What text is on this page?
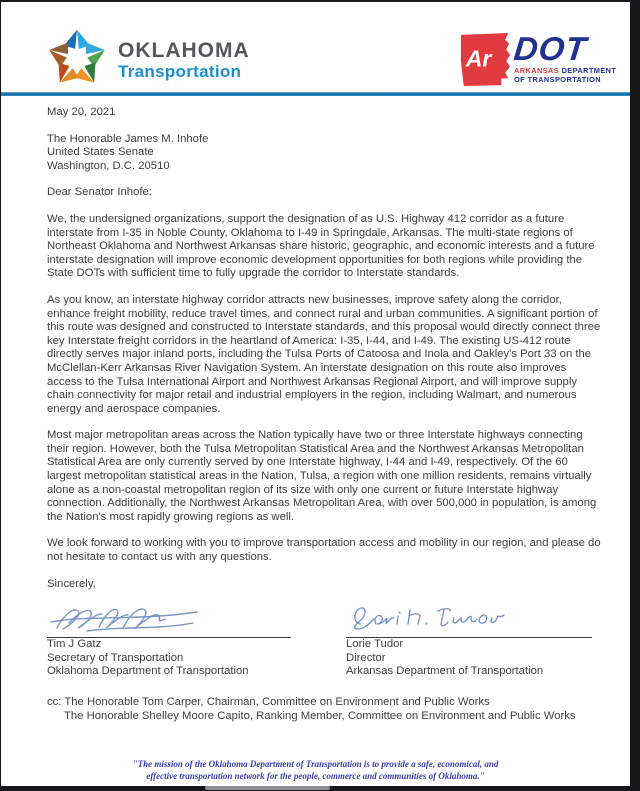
OKLAHOMA
Transportation	Ar DOT
ARKANSAS DEPARTMENT
OF TRANSPORTATION
May 20, 2021
The Honorable James M. Inhofe
United States Senate
Washington, D.C. 20510
Dear Senator Inhofe:

We, the undersigned organizations, support the designation of as U.S. Highway 412 corridor as a future interstate from I-35 in Noble County, Oklahoma to I-49 in Springdale, Arkansas. The multi-state regions of Northeast Oklahoma and Northwest Arkansas share historic, geographic, and economic interests and a future interstate designation will improve economic development opportunities for both regions while providing the State DOTs with sufficient time to fully upgrade the corridor to Interstate standards.

As you know, an interstate highway corridor attracts new businesses, improve safety along the corridor, enhance freight mobility, reduce travel times, and connect rural and urban communities. A significant portion of this route was designed and constructed to Interstate standards, and this proposal would directly connect three key Interstate freight corridors in the heartland of America: I-35, I-44, and I-49. The existing US-412 route directly serves major inland ports, including the Tulsa Ports of Catoosa and Inola and Oakley's Port 33 on the McClellan-Kerr Arkansas River Navigation System. An interstate designation on this route also improves access to the Tulsa International Airport and Northwest Arkansas Regional Airport, and will improve supply chain connectivity for major retail and industrial employers in the region, including Walmart, and numerous energy and aerospace companies.

Most major metropolitan areas across the Nation typically have two or three Interstate highways connecting their region. However, both the Tulsa Metropolitan Statistical Area and the Northwest Arkansas Metropolitan Statistical Area are only currently served by one Interstate highway, I-44 and I-49, respectively. Of the 60 largest metropolitan statistical areas in the Nation, Tulsa, a region with one million residents, remains virtually alone as a non-coastal metropolitan region of its size with only one current or future Interstate highway connection. Additionally, the Northwest Arkansas Metropolitan Area, with over 500,000 in population, is among the Nation's most rapidly growing regions as well.

We look forward to working with you to improve transportation access and mobility in our region, and please do not hesitate to contact us with any questions.

Sincerely,
Tim J Gatz
Secretary of Transportation
Oklahoma Department of Transportation
Lorie Tudor
Director
Arkansas Department of Transportation
cc: The Honorable Tom Carper, Chairman, Committee on Environment and Public Works
The Honorable Shelley Moore Capito, Ranking Member, Committee on Environment and Public Works
"The mission of the Oklahoma Department of Transportation is to provide a safe, economical, and
effective transportation network for the people, commerce and communities of Oklahoma."
